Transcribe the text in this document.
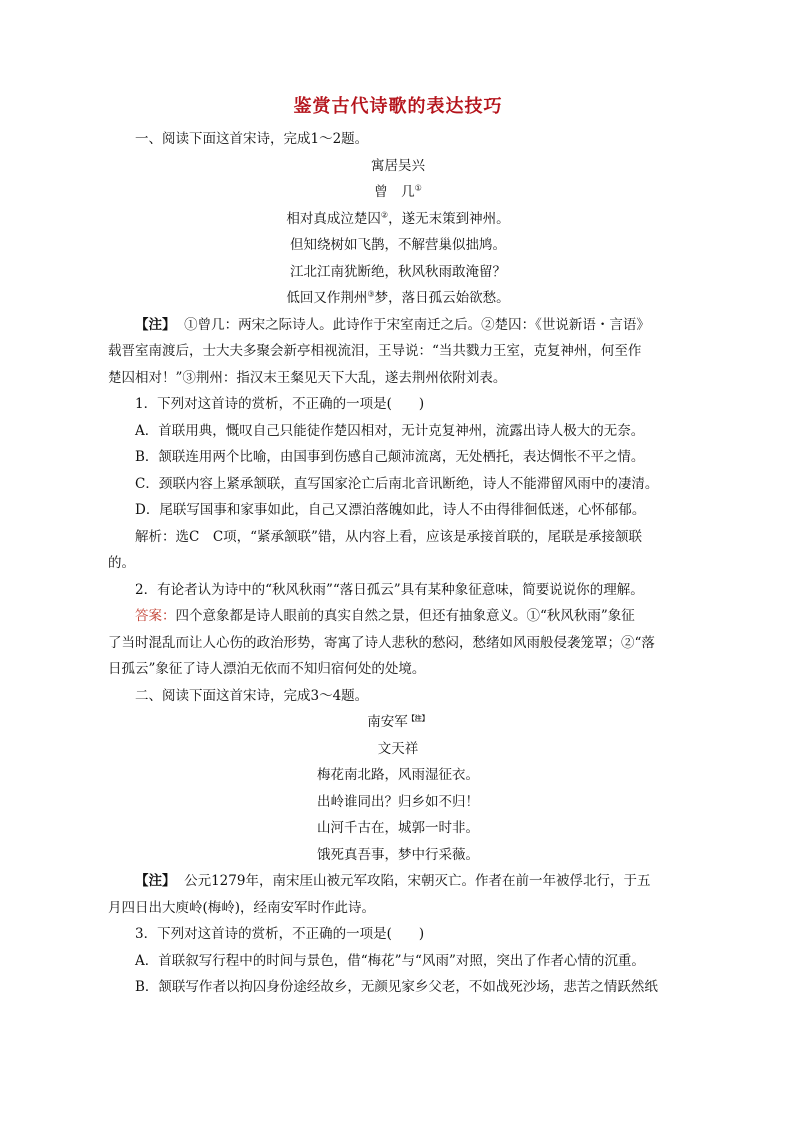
鉴赏古代诗歌的表达技巧

一、阅读下面这首宋诗，完成1～2题。

寓居吴兴

曾　几①

相对真成泣楚囚②，遂无末策到神州。

但知绕树如飞鹊，不解营巢似拙鸠。

江北江南犹断绝，秋风秋雨敢淹留？

低回又作荆州③梦，落日孤云始欲愁。

【注】 ①曾几：两宋之际诗人。此诗作于宋室南迁之后。②楚囚：《世说新语・言语》

载晋室南渡后，士大夫多聚会新亭相视流泪，王导说：“当共戮力王室，克复神州，何至作

楚囚相对！”③荆州：指汉末王粲见天下大乱，遂去荆州依附刘表。

1．下列对这首诗的赏析，不正确的一项是(　　)

A．首联用典，慨叹自己只能徒作楚囚相对，无计克复神州，流露出诗人极大的无奈。

B．颔联连用两个比喻，由国事到伤感自己颠沛流离，无处栖托，表达惆怅不平之情。

C．颈联内容上紧承颔联，直写国家沦亡后南北音讯断绝，诗人不能滞留风雨中的凄清。

D．尾联写国事和家事如此，自己又漂泊落魄如此，诗人不由得徘徊低迷，心怀郁郁。

解析：选C　C项，“紧承颔联”错，从内容上看，应该是承接首联的，尾联是承接颔联

的。

2．有论者认为诗中的“秋风秋雨”“落日孤云”具有某种象征意味，简要说说你的理解。

答案：四个意象都是诗人眼前的真实自然之景，但还有抽象意义。①“秋风秋雨”象征

了当时混乱而让人心伤的政治形势，寄寓了诗人悲秋的愁闷，愁绪如风雨般侵袭笼罩；②“落

日孤云”象征了诗人漂泊无依而不知归宿何处的处境。

二、阅读下面这首宋诗，完成3～4题。

南安军$^{【注】}$

文天祥

梅花南北路，风雨湿征衣。

出岭谁同出？归乡如不归！

山河千古在，城郭一时非。

饿死真吾事，梦中行采薇。

【注】 公元1279年，南宋厓山被元军攻陷，宋朝灭亡。作者在前一年被俘北行，于五

月四日出大庾岭(梅岭)，经南安军时作此诗。

3．下列对这首诗的赏析，不正确的一项是(　　)

A．首联叙写行程中的时间与景色，借“梅花”与“风雨”对照，突出了作者心情的沉重。

B．颔联写作者以拘囚身份途经故乡，无颜见家乡父老，不如战死沙场，悲苦之情跃然纸
